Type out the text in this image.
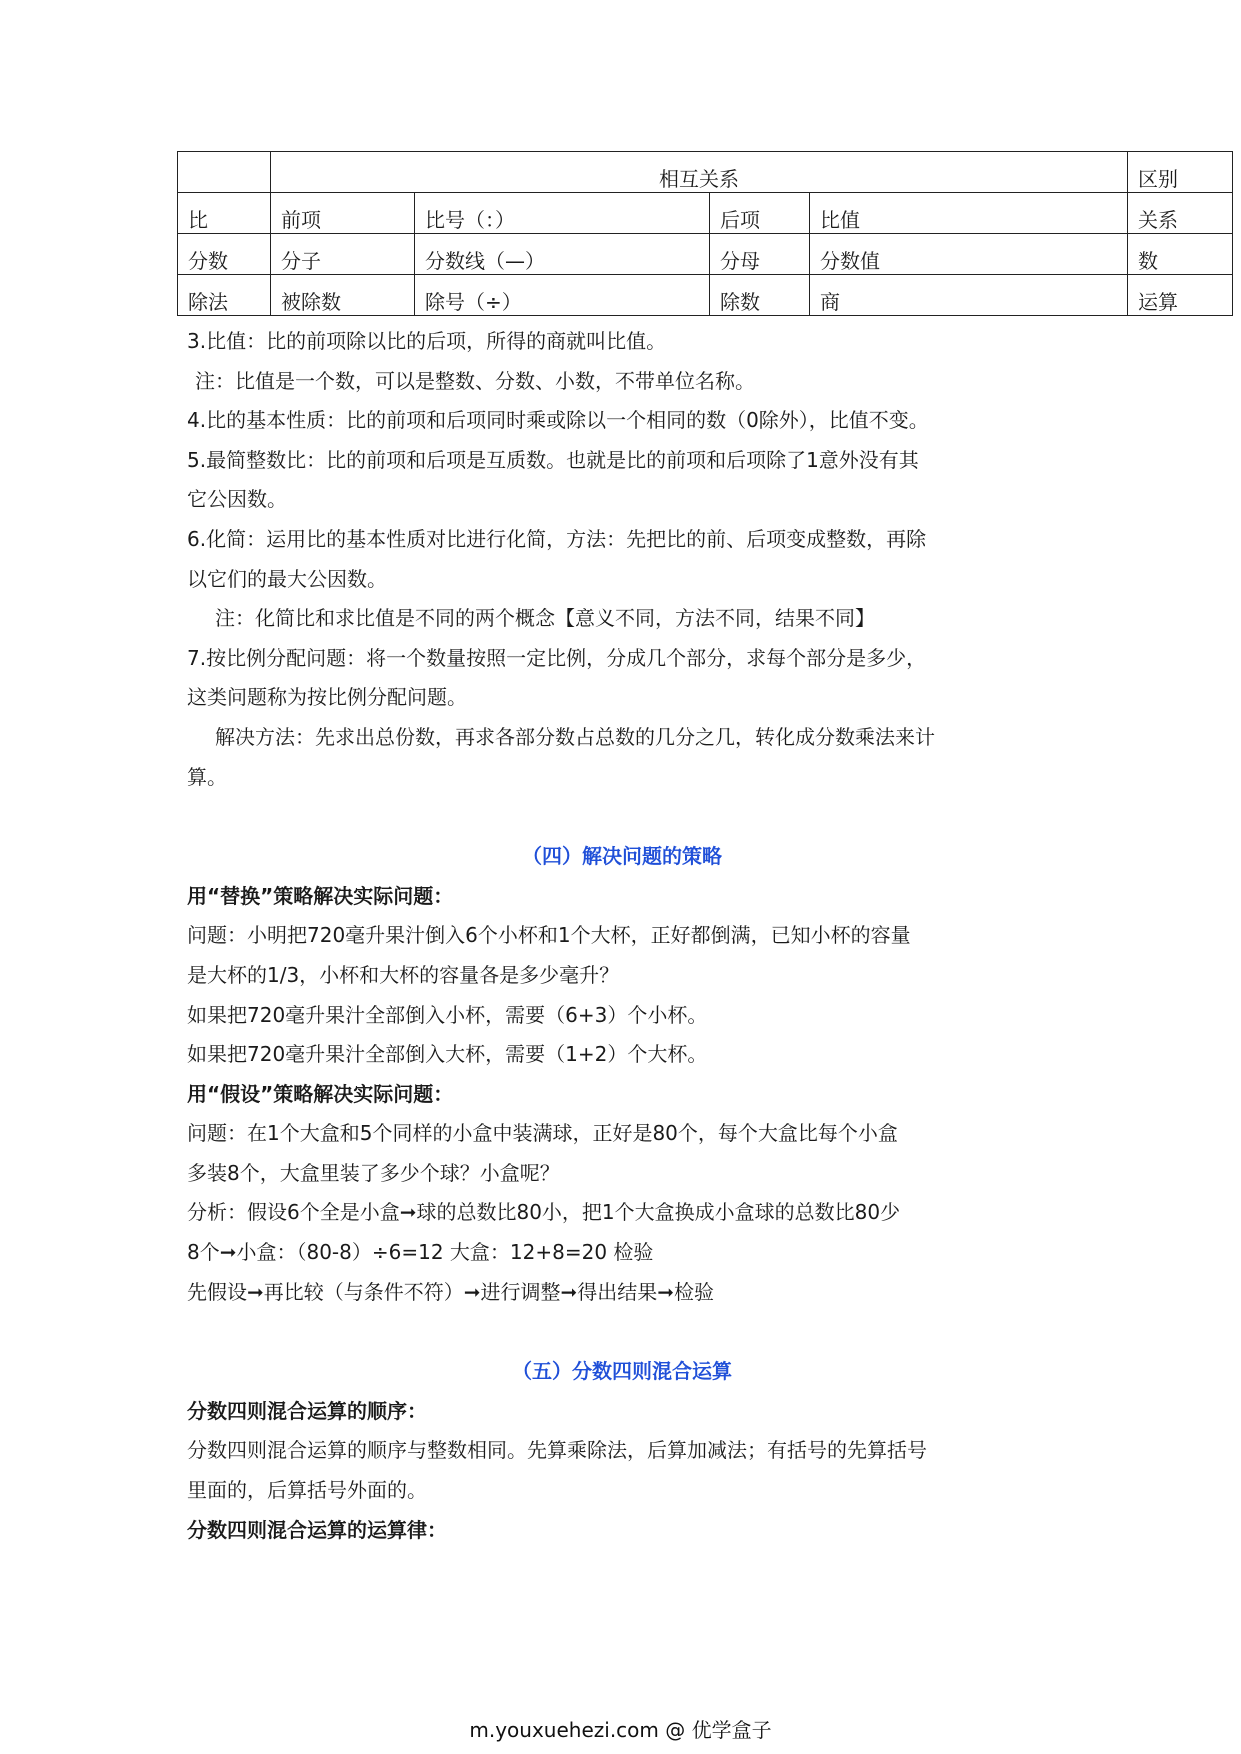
	相互关系				区别
比	前项	比号（：）	后项	比值	关系
分数	分子	分数线（—）	分母	分数值	数
除法	被除数	除号（÷）	除数	商	运算
3.比值：比的前项除以比的后项，所得的商就叫比值。
注：比值是一个数，可以是整数、分数、小数，不带单位名称。
4.比的基本性质：比的前项和后项同时乘或除以一个相同的数（0除外），比值不变。
5.最简整数比：比的前项和后项是互质数。也就是比的前项和后项除了1意外没有其
它公因数。
6.化简：运用比的基本性质对比进行化简，方法：先把比的前、后项变成整数，再除
以它们的最大公因数。
注：化简比和求比值是不同的两个概念【意义不同，方法不同，结果不同】
7.按比例分配问题：将一个数量按照一定比例，分成几个部分，求每个部分是多少，
这类问题称为按比例分配问题。
解决方法：先求出总份数，再求各部分数占总数的几分之几，转化成分数乘法来计
算。
（四）解决问题的策略
用“替换”策略解决实际问题：
问题：小明把720毫升果汁倒入6个小杯和1个大杯，正好都倒满，已知小杯的容量
是大杯的1/3，小杯和大杯的容量各是多少毫升？
如果把720毫升果汁全部倒入小杯，需要（6+3）个小杯。
如果把720毫升果汁全部倒入大杯，需要（1+2）个大杯。
用“假设”策略解决实际问题：
问题：在1个大盒和5个同样的小盒中装满球，正好是80个，每个大盒比每个小盒
多装8个，大盒里装了多少个球？小盒呢？
分析：假设6个全是小盒➞球的总数比80小，把1个大盒换成小盒球的总数比80少
8个➞小盒：（80-8）÷6=12 大盒：12+8=20 检验
先假设➞再比较（与条件不符）➞进行调整➞得出结果➞检验
（五）分数四则混合运算
分数四则混合运算的顺序：
分数四则混合运算的顺序与整数相同。先算乘除法，后算加减法；有括号的先算括号
里面的，后算括号外面的。
分数四则混合运算的运算律：
m.youxuehezi.com @ 优学盒子
